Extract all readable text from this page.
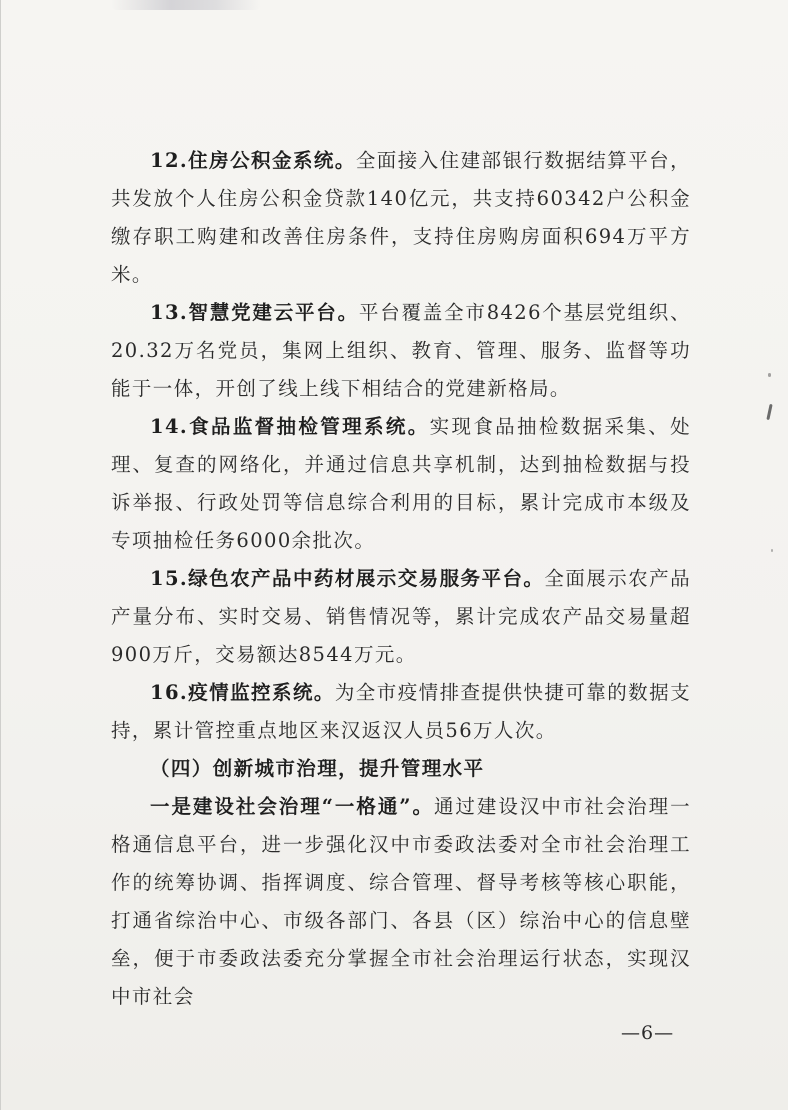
12.住房公积金系统。全面接入住建部银行数据结算平台，共发放个人住房公积金贷款140亿元，共支持60342户公积金缴存职工购建和改善住房条件，支持住房购房面积694万平方米。

13.智慧党建云平台。平台覆盖全市8426个基层党组织、20.32万名党员，集网上组织、教育、管理、服务、监督等功能于一体，开创了线上线下相结合的党建新格局。

14.食品监督抽检管理系统。实现食品抽检数据采集、处理、复查的网络化，并通过信息共享机制，达到抽检数据与投诉举报、行政处罚等信息综合利用的目标，累计完成市本级及专项抽检任务6000余批次。

15.绿色农产品中药材展示交易服务平台。全面展示农产品产量分布、实时交易、销售情况等，累计完成农产品交易量超900万斤，交易额达8544万元。

16.疫情监控系统。为全市疫情排查提供快捷可靠的数据支持，累计管控重点地区来汉返汉人员56万人次。

（四）创新城市治理，提升管理水平

一是建设社会治理“一格通”。通过建设汉中市社会治理一格通信息平台，进一步强化汉中市委政法委对全市社会治理工作的统筹协调、指挥调度、综合管理、督导考核等核心职能，打通省综治中心、市级各部门、各县（区）综治中心的信息壁垒，便于市委政法委充分掌握全市社会治理运行状态，实现汉中市社会

—6—
